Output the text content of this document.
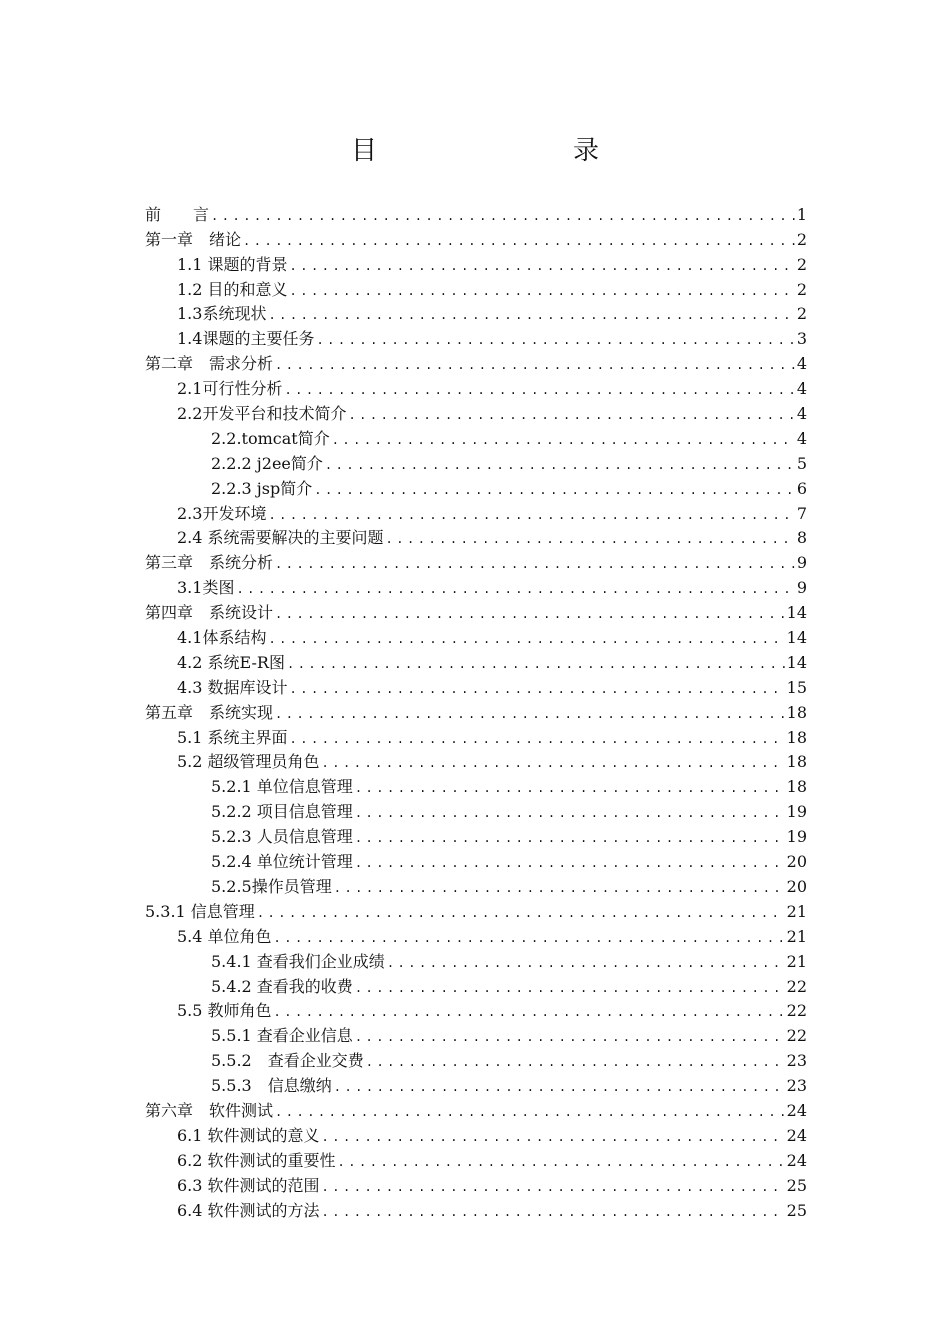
目　　录
前　　言 .....	1
第一章　绪论 .....	2
1.1 课题的背景 .....	2
1.2 目的和意义 .....	2
1.3系统现状 .....	2
1.4课题的主要任务 .....	3
第二章　需求分析 .....	4
2.1可行性分析 .....	4
2.2开发平台和技术简介 .....	4
2.2.tomcat简介 .....	4
2.2.2 j2ee简介 .....	5
2.2.3 jsp简介 .....	6
2.3开发环境 .....	7
2.4 系统需要解决的主要问题 .....	8
第三章　系统分析 .....	9
3.1类图 .....	9
第四章　系统设计 .....	14
4.1体系结构 .....	14
4.2 系统E-R图 .....	14
4.3 数据库设计 .....	15
第五章　系统实现 .....	18
5.1 系统主界面 .....	18
5.2 超级管理员角色 .....	18
5.2.1 单位信息管理 .....	18
5.2.2 项目信息管理 .....	19
5.2.3 人员信息管理 .....	19
5.2.4 单位统计管理 .....	20
5.2.5操作员管理 .....	20
5.3.1 信息管理 .....	21
5.4 单位角色 .....	21
5.4.1 查看我们企业成绩 .....	21
5.4.2 查看我的收费 .....	22
5.5 教师角色 .....	22
5.5.1 查看企业信息 .....	22
5.5.2　查看企业交费 .....	23
5.5.3　信息缴纳 .....	23
第六章　软件测试 .....	24
6.1 软件测试的意义 .....	24
6.2 软件测试的重要性 .....	24
6.3 软件测试的范围 .....	25
6.4 软件测试的方法 .....	25
